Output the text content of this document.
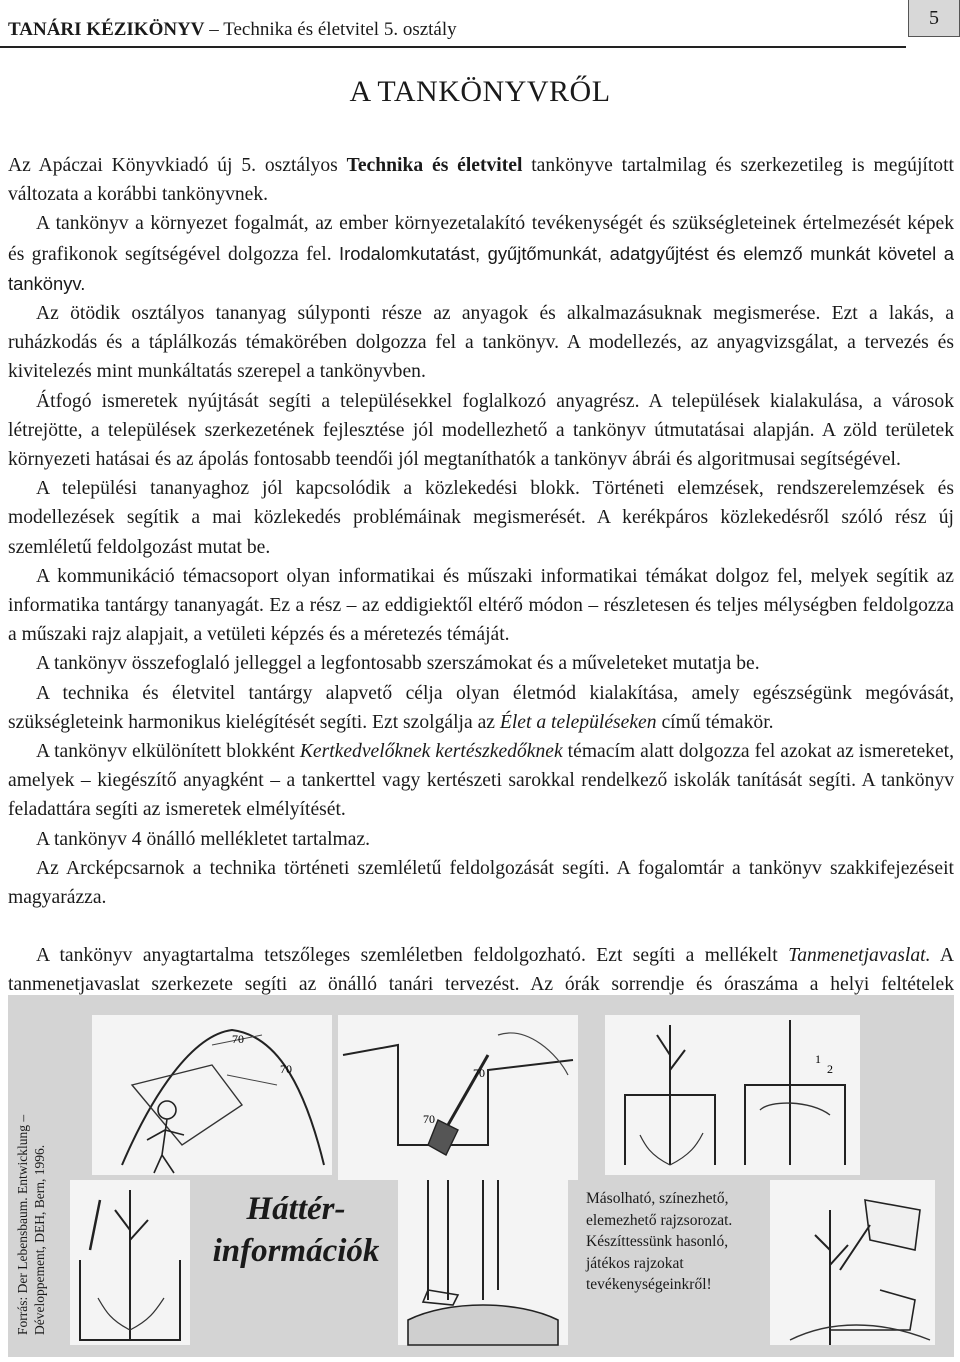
TANÁRI KÉZIKÖNYV – Technika és életvitel 5. osztály
5
A TANKÖNYVRŐL

Az Apáczai Könyvkiadó új 5. osztályos Technika és életvitel tankönyve tartalmilag és szerkezetileg is megújított változata a korábbi tankönyvnek.

A tankönyv a környezet fogalmát, az ember környezetalakító tevékenységét és szükségleteinek értelmezését képek és grafikonok segítségével dolgozza fel. Irodalomkutatást, gyűjtőmunkát, adatgyűjtést és elemző munkát követel a tankönyv.

Az ötödik osztályos tananyag súlyponti része az anyagok és alkalmazásuknak megismerése. Ezt a lakás, a ruházkodás és a táplálkozás témakörében dolgozza fel a tankönyv. A modellezés, az anyagvizsgálat, a tervezés és kivitelezés mint munkáltatás szerepel a tankönyvben.

Átfogó ismeretek nyújtását segíti a településekkel foglalkozó anyagrész. A települések kialakulása, a városok létrejötte, a települések szerkezetének fejlesztése jól modellezhető a tankönyv útmutatásai alapján. A zöld területek környezeti hatásai és az ápolás fontosabb teendői jól megtaníthatók a tankönyv ábrái és algoritmusai segítségével.

A települési tananyaghoz jól kapcsolódik a közlekedési blokk. Történeti elemzések, rendszerelemzések és modellezések segítik a mai közlekedés problémáinak megismerését. A kerékpáros közlekedésről szóló rész új szemléletű feldolgozást mutat be.

A kommunikáció témacsoport olyan informatikai és műszaki informatikai témákat dolgoz fel, melyek segítik az informatika tantárgy tananyagát. Ez a rész – az eddigiektől eltérő módon – részletesen és teljes mélységben feldolgozza a műszaki rajz alapjait, a vetületi képzés és a méretezés témáját.

A tankönyv összefoglaló jelleggel a legfontosabb szerszámokat és a műveleteket mutatja be.

A technika és életvitel tantárgy alapvető célja olyan életmód kialakítása, amely egészségünk megóvását, szükségleteink harmonikus kielégítését segíti. Ezt szolgálja az Élet a településeken című témakör.

A tankönyv elkülönített blokként Kertkedvelőknek kertészkedőknek témacím alatt dolgozza fel azokat az ismereteket, amelyek – kiegészítő anyagként – a tankerttel vagy kertészeti sarokkal rendelkező iskolák tanítását segíti. A tankönyv feladattára segíti az ismeretek elmélyítését.

A tankönyv 4 önálló mellékletet tartalmaz.

Az Arcképcsarnok a technika történeti szemléletű feldolgozását segíti. A fogalomtár a tankönyv szakkifejezéseit magyarázza.

A tankönyv anyagtartalma tetszőleges szemléletben feldolgozható. Ezt segíti a mellékelt Tanmenetjavaslat. A tanmenetjavaslat szerkezete segíti az önálló tanári tervezést. Az órák sorrendje és óraszáma a helyi feltételek

70
70	70
70
1
2
Forrás: Der Lebensbaum. Entwicklung – Développement, DEH, Bern, 1996.	Háttér-
információk
Másolható, színezhető, elemezhető rajzsorozat. Készíttessünk hasonló, játékos rajzokat tevékenységeinkről!
